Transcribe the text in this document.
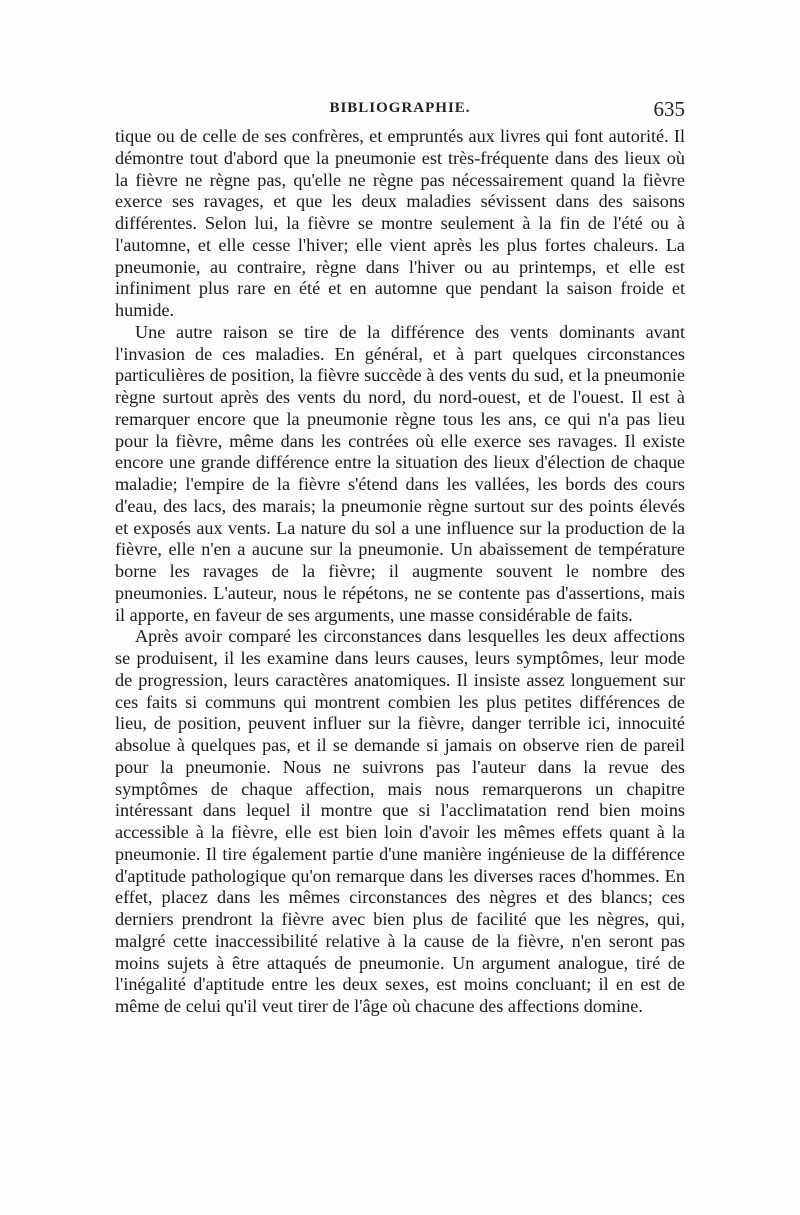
BIBLIOGRAPHIE.	635

tique ou de celle de ses confrères, et empruntés aux livres qui font autorité. Il démontre tout d'abord que la pneumonie est très-fréquente dans des lieux où la fièvre ne règne pas, qu'elle ne règne pas nécessairement quand la fièvre exerce ses ravages, et que les deux maladies sévissent dans des saisons différentes. Selon lui, la fièvre se montre seulement à la fin de l'été ou à l'automne, et elle cesse l'hiver; elle vient après les plus fortes chaleurs. La pneumonie, au contraire, règne dans l'hiver ou au printemps, et elle est infiniment plus rare en été et en automne que pendant la saison froide et humide.

Une autre raison se tire de la différence des vents dominants avant l'invasion de ces maladies. En général, et à part quelques circonstances particulières de position, la fièvre succède à des vents du sud, et la pneumonie règne surtout après des vents du nord, du nord-ouest, et de l'ouest. Il est à remarquer encore que la pneumonie règne tous les ans, ce qui n'a pas lieu pour la fièvre, même dans les contrées où elle exerce ses ravages. Il existe encore une grande différence entre la situation des lieux d'élection de chaque maladie; l'empire de la fièvre s'étend dans les vallées, les bords des cours d'eau, des lacs, des marais; la pneumonie règne surtout sur des points élevés et exposés aux vents. La nature du sol a une influence sur la production de la fièvre, elle n'en a aucune sur la pneumonie. Un abaissement de température borne les ravages de la fièvre; il augmente souvent le nombre des pneumonies. L'auteur, nous le répétons, ne se contente pas d'assertions, mais il apporte, en faveur de ses arguments, une masse considérable de faits.

Après avoir comparé les circonstances dans lesquelles les deux affections se produisent, il les examine dans leurs causes, leurs symptômes, leur mode de progression, leurs caractères anatomiques. Il insiste assez longuement sur ces faits si communs qui montrent combien les plus petites différences de lieu, de position, peuvent influer sur la fièvre, danger terrible ici, innocuité absolue à quelques pas, et il se demande si jamais on observe rien de pareil pour la pneumonie. Nous ne suivrons pas l'auteur dans la revue des symptômes de chaque affection, mais nous remarquerons un chapitre intéressant dans lequel il montre que si l'acclimatation rend bien moins accessible à la fièvre, elle est bien loin d'avoir les mêmes effets quant à la pneumonie. Il tire également partie d'une manière ingénieuse de la différence d'aptitude pathologique qu'on remarque dans les diverses races d'hommes. En effet, placez dans les mêmes circonstances des nègres et des blancs; ces derniers prendront la fièvre avec bien plus de facilité que les nègres, qui, malgré cette inaccessibilité relative à la cause de la fièvre, n'en seront pas moins sujets à être attaqués de pneumonie. Un argument analogue, tiré de l'inégalité d'aptitude entre les deux sexes, est moins concluant; il en est de même de celui qu'il veut tirer de l'âge où chacune des affections domine.
